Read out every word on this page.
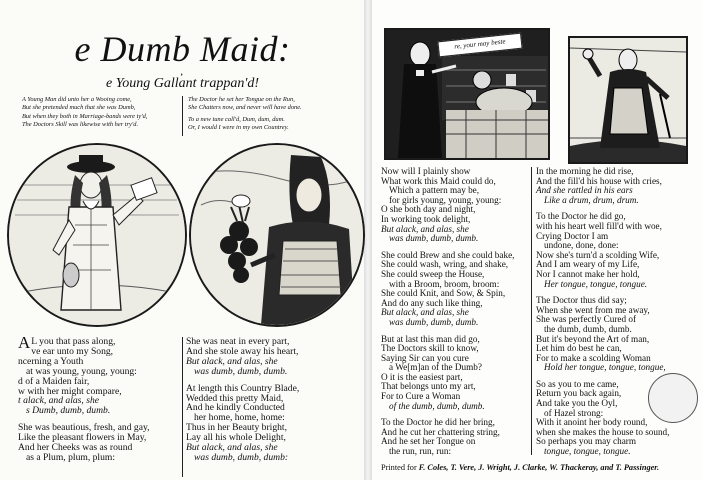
e Dumb Maid:
,
e Young Gallant trappan'd!
A Young Man did unto her a Wooing come,
But she pretended much that she was Dumb,
But when they both in Marriage-bands were ty'd,
The Doctors Skill was likewise with her try'd.
The Doctor he set her Tongue on the Run,
She Chatters now, and never will have done.
To a new tune call'd, Dum, dum, dum.
Or, I would I were in my own Countrey.
re, your may beste
A L you that pass along,
ve ear unto my Song,
ncerning a Youth
at was young, young, young:
d of a Maiden fair,
w with her might compare,
t alack, and alas, she
s Dumb, dumb, dumb.
She was beautious, fresh, and gay,
Like the pleasant flowers in May,
And her Cheeks was as round
as a Plum, plum, plum:
She was neat in every part,
And she stole away his heart,
But alack, and alas, she
was dumb, dumb, dumb.
At length this Country Blade,
Wedded this pretty Maid,
And he kindly Conducted
her home, home, home:
Thus in her Beauty bright,
Lay all his whole Delight,
But alack, and alas, she
was dumb, dumb, dumb:
Now will I plainly show
What work this Maid could do,
Which a pattern may be,
for girls young, young, young:
O she both day and night,
In working took delight,
But alack, and alas, she
was dumb, dumb, dumb.
She could Brew and she could bake,
She could wash, wring, and shake,
She could sweep the House,
with a Broom, broom, broom:
She could Knit, and Sow, & Spin,
And do any such like thing,
But alack, and alas, she
was dumb, dumb, dumb.
But at last this man did go,
The Doctors skill to know,
Saying Sir can you cure
a We[m]an of the Dumb?
O it is the easiest part,
That belongs unto my art,
For to Cure a Woman
of the dumb, dumb, dumb.
To the Doctor he did her bring,
And he cut her chattering string,
And he set her Tongue on
the run, run, run:
In the morning he did rise,
And the fill'd his house with cries,
And she rattled in his ears
Like a drum, drum, drum.
To the Doctor he did go,
with his heart well fill'd with woe,
Crying Doctor I am
undone, done, done:
Now she's turn'd a scolding Wife,
And I am weary of my Life,
Nor I cannot make her hold,
Her tongue, tongue, tongue.
The Doctor thus did say;
When she went from me away,
She was perfectly Cured of
the dumb, dumb, dumb.
But it's beyond the Art of man,
Let him do best he can,
For to make a scolding Woman
Hold her tongue, tongue, tongue,
So as you to me came,
Return you back again,
And take you the Oyl,
of Hazel strong:
With it anoint her body round,
when she makes the house to sound,
So perhaps you may charm
tongue, tongue, tongue.
Printed for F. Coles, T. Vere, J. Wright, J. Clarke, W. Thackeray, and T. Passinger.
